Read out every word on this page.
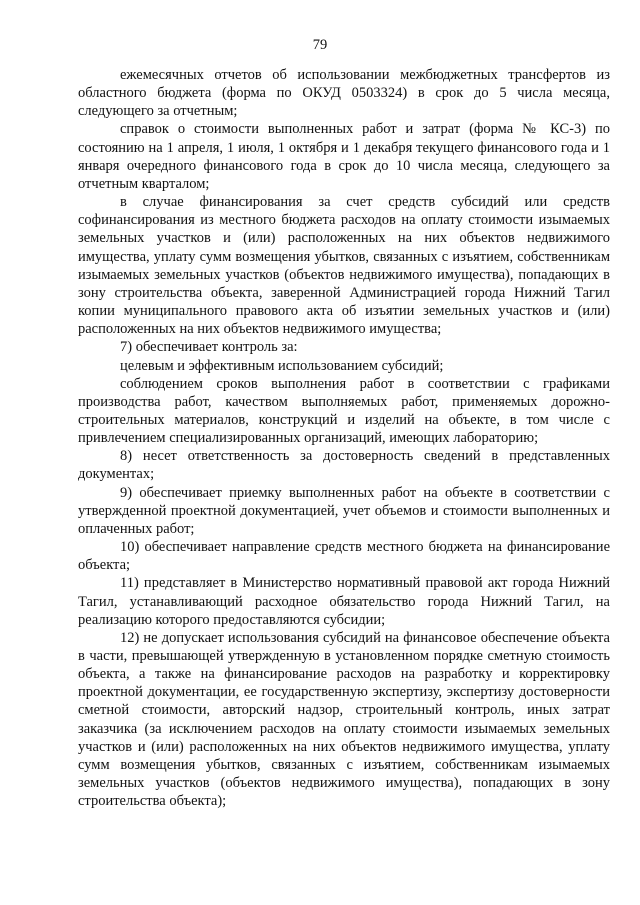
79

ежемесячных отчетов об использовании межбюджетных трансфертов из областного бюджета (форма по ОКУД 0503324) в срок до 5 числа месяца, следующего за отчетным;

справок о стоимости выполненных работ и затрат (форма № КС-3) по состоянию на 1 апреля, 1 июля, 1 октября и 1 декабря текущего финансового года и 1 января очередного финансового года в срок до 10 числа месяца, следующего за отчетным кварталом;

в случае финансирования за счет средств субсидий или средств софинансирования из местного бюджета расходов на оплату стоимости изымаемых земельных участков и (или) расположенных на них объектов недвижимого имущества, уплату сумм возмещения убытков, связанных с изъятием, собственникам изымаемых земельных участков (объектов недвижимого имущества), попадающих в зону строительства объекта, заверенной Администрацией города Нижний Тагил копии муниципального правового акта об изъятии земельных участков и (или) расположенных на них объектов недвижимого имущества;

7) обеспечивает контроль за:

целевым и эффективным использованием субсидий;

соблюдением сроков выполнения работ в соответствии с графиками производства работ, качеством выполняемых работ, применяемых дорожно-строительных материалов, конструкций и изделий на объекте, в том числе с привлечением специализированных организаций, имеющих лабораторию;

8) несет ответственность за достоверность сведений в представленных документах;

9) обеспечивает приемку выполненных работ на объекте в соответствии с утвержденной проектной документацией, учет объемов и стоимости выполненных и оплаченных работ;

10) обеспечивает направление средств местного бюджета на финансирование объекта;

11) представляет в Министерство нормативный правовой акт города Нижний Тагил, устанавливающий расходное обязательство города Нижний Тагил, на реализацию которого предоставляются субсидии;

12) не допускает использования субсидий на финансовое обеспечение объекта в части, превышающей утвержденную в установленном порядке сметную стоимость объекта, а также на финансирование расходов на разработку и корректировку проектной документации, ее государственную экспертизу, экспертизу достоверности сметной стоимости, авторский надзор, строительный контроль, иных затрат заказчика (за исключением расходов на оплату стоимости изымаемых земельных участков и (или) расположенных на них объектов недвижимого имущества, уплату сумм возмещения убытков, связанных с изъятием, собственникам изымаемых земельных участков (объектов недвижимого имущества), попадающих в зону строительства объекта);
